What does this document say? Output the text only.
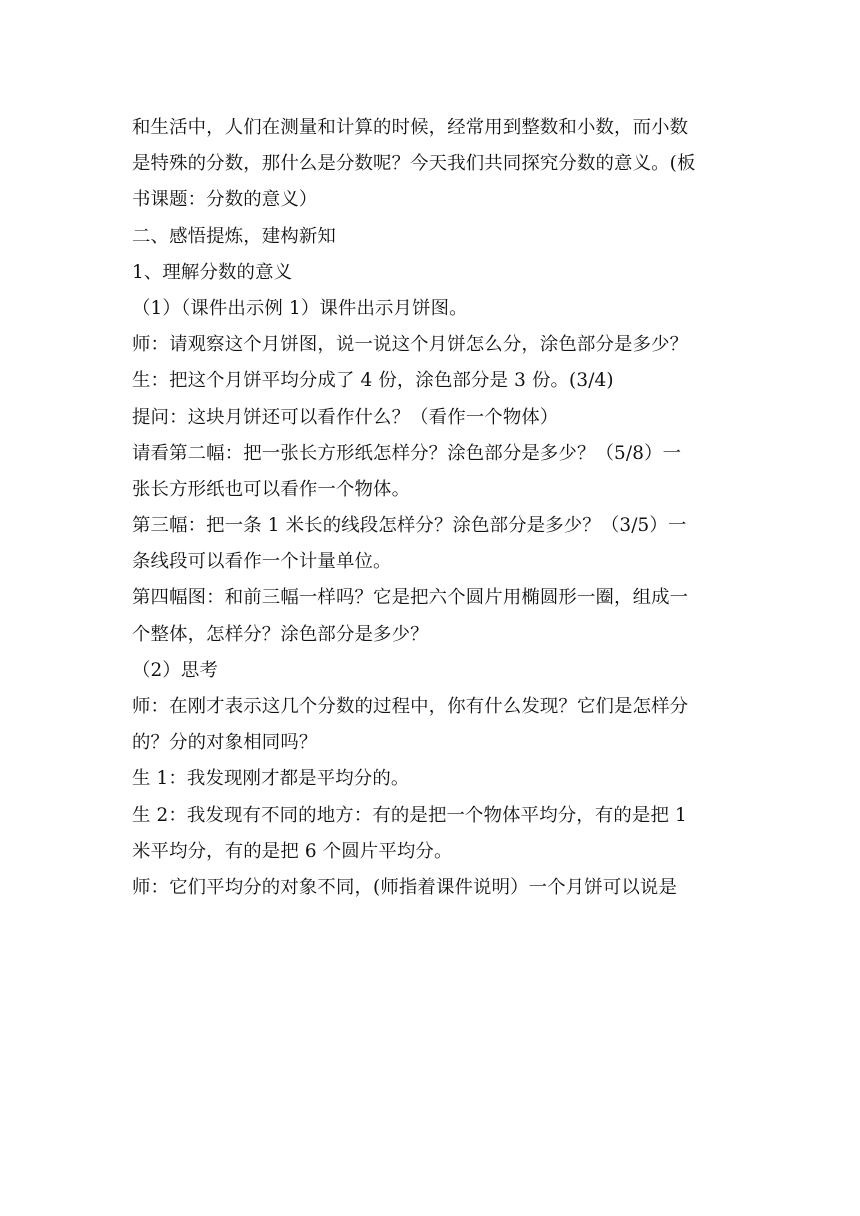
和生活中，人们在测量和计算的时候，经常用到整数和小数，而小数
是特殊的分数，那什么是分数呢？今天我们共同探究分数的意义。(板
书课题：分数的意义）
二、感悟提炼，建构新知
1、理解分数的意义
（1）（课件出示例 1）课件出示月饼图。
师：请观察这个月饼图，说一说这个月饼怎么分，涂色部分是多少？
生：把这个月饼平均分成了 4 份，涂色部分是 3 份。(3/4)
提问：这块月饼还可以看作什么？（看作一个物体）
请看第二幅：把一张长方形纸怎样分？涂色部分是多少？（5/8）一
张长方形纸也可以看作一个物体。
第三幅：把一条 1 米长的线段怎样分？涂色部分是多少？（3/5）一
条线段可以看作一个计量单位。
第四幅图：和前三幅一样吗？它是把六个圆片用椭圆形一圈，组成一
个整体，怎样分？涂色部分是多少？
（2）思考
师：在刚才表示这几个分数的过程中，你有什么发现？它们是怎样分
的？分的对象相同吗？
生 1：我发现刚才都是平均分的。
生 2：我发现有不同的地方：有的是把一个物体平均分，有的是把 1
米平均分，有的是把 6 个圆片平均分。
师：它们平均分的对象不同，(师指着课件说明）一个月饼可以说是
